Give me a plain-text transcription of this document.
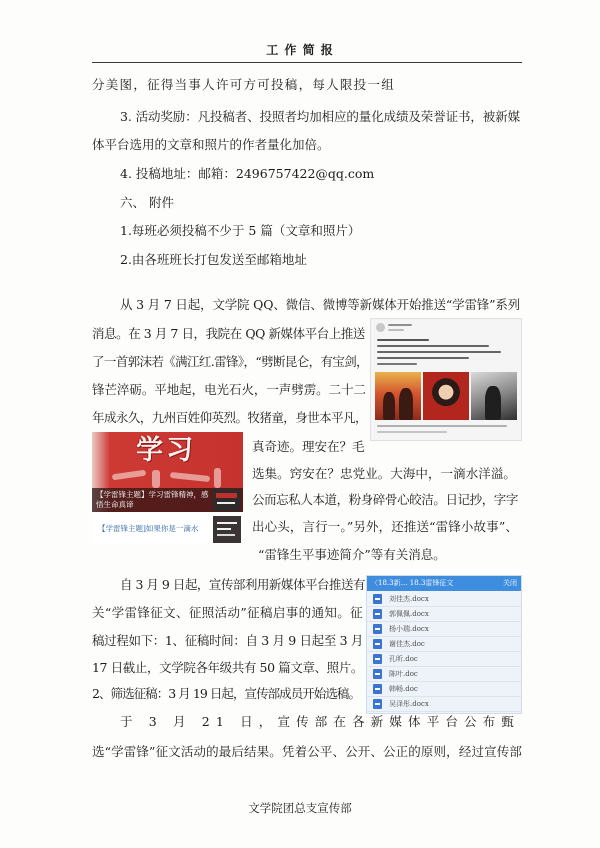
工 作 简 报
分美图，征得当事人许可方可投稿，每人限投一组
3. 活动奖励：凡投稿者、投照者均加相应的量化成绩及荣誉证书，被新媒
体平台选用的文章和照片的作者量化加倍。
4. 投稿地址：邮箱：2496757422@qq.com
六、 附件
1.每班必须投稿不少于 5 篇（文章和照片）
2.由各班班长打包发送至邮箱地址
从 3 月 7 日起，文学院 QQ、微信、微博等新媒体开始推送“学雷锋”系列
消息。在 3 月 7 日，我院在 QQ 新媒体平台上推送
了一首郭沫若《满江红.雷锋》，“劈断昆仑，有宝剑，
锋芒淬砺。平地起，电光石火，一声劈雳。二十二
年成永久，九州百姓仰英烈。牧猪童，身世本平凡，
真奇迹。理安在？毛
选集。窍安在？忠党业。大海中，一滴水洋溢。
公而忘私人本道，粉身碎骨心皎洁。日记抄，字字
出心头，言行一。”另外，还推送“雷锋小故事”、
“雷锋生平事迹简介”等有关消息。
自 3 月 9 日起，宣传部利用新媒体平台推送有
关“学雷锋征文、征照活动”征稿启事的通知。征
稿过程如下：1、征稿时间：自 3 月 9 日起至 3 月
17 日截止，文学院各年级共有 50 篇文章、照片。
2、筛选征稿：3 月 19 日起，宣传部成员开始选稿。
于 3 月 21 日，宣传部在各新媒体平台公布甄
选“学雷锋”征文活动的最后结果。凭着公平、公开、公正的原则，经过宣传部
学习
【学雷锋主题】学习雷锋精神，感悟生命真谛
【学雷锋主题]如果你是一滴水
〈18.3新… 18.3雷锋征文	关闭
刘佳杰.docx
郭佩佩.docx
杨小瑞.docx
谢佳杰.doc
孔昕.doc
陈叶.doc
韩畅.doc
吴泽彤.docx
文学院团总支宣传部
